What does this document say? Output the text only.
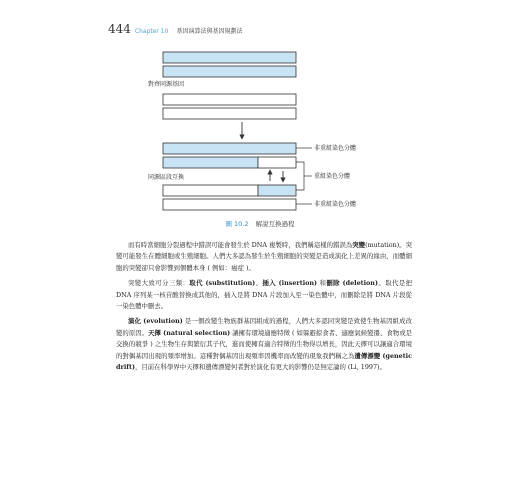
444 Chapter 10 基因演算法與基因規劃法
對齊同源基因
同源區段互換
非重組染色分體
重組染色分體
非重組染色分體
圖 10.2 解說互換過程

而有時當細胞分裂過程中錯誤可能會發生於 DNA 複製時，我們稱這樣的錯誤為突變(mutation)。突變可能發生在體細胞或生殖細胞。人們大多認為發生於生殖細胞的突變是造成演化上差異的緣由，而體細胞的突變卻只會影響到個體本身 ( 例如：癌症 )。

突變大致可分三類：取代 (substitution)、插入 (insertion) 和刪除 (deletion)。取代是把 DNA 序列某一核苷酸替換成其他的，插入是將 DNA 片段加入至一染色體中，而刪除是將 DNA 片段從一染色體中刪去。

演化 (evolution) 是一個改變生物族群基因組成的過程，人們大多認同突變是致使生物基因組成改變的原因。天擇 (natural selection) 讓擁有環境適應特徵 ( 如躲避掠食者、適應氣候變遷、食物或是交換的競爭 ) 之生物生存與繁衍其子代，進而使擁有適合特徵的生物得以增長，因此天擇可以讓適合環境的對偶基因出現的頻率增加。這種對偶基因出現頻率因機率而改變的現象我們稱之為遺傳漂變 (genetic drift)，目前在科學界中天擇和遺傳漂變何者對於演化有更大的影響仍是無定論的 (Li, 1997)。
